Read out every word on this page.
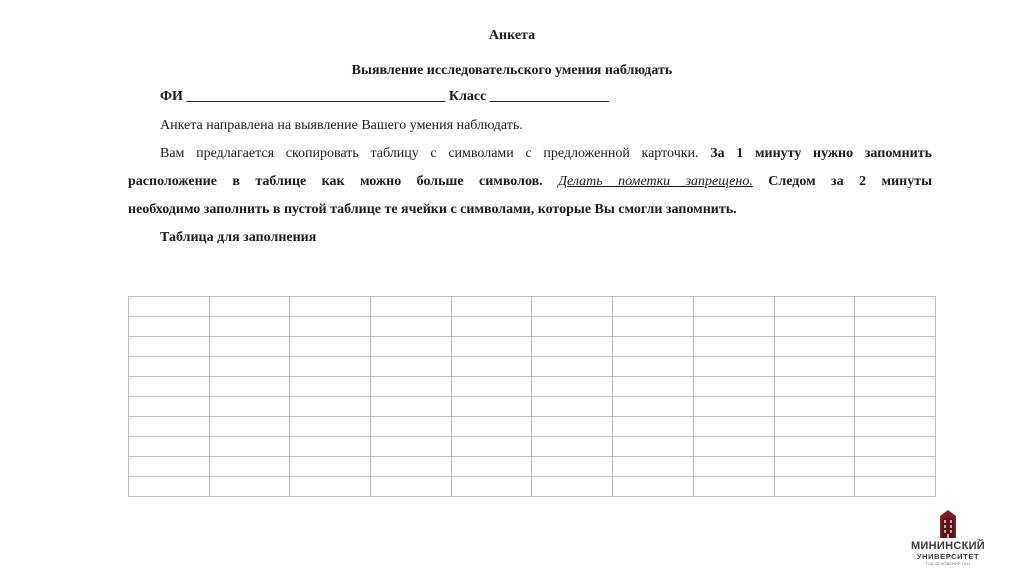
Анкета
Выявление исследовательского умения наблюдать
ФИ _____________________________________ Класс _________________
Анкета направлена на выявление Вашего умения наблюдать.
Вам предлагается скопировать таблицу с символами с предложенной карточки. За 1 минуту нужно запомнить
расположение в таблице как можно больше символов. Делать пометки запрещено. Следом за 2 минуты
необходимо заполнить в пустой таблице те ячейки с символами, которые Вы смогли запомнить.
Таблица для заполнения

МИНИНСКИЙ
УНИВЕРСИТЕТ
ГОД ОСНОВАНИЯ 1911
